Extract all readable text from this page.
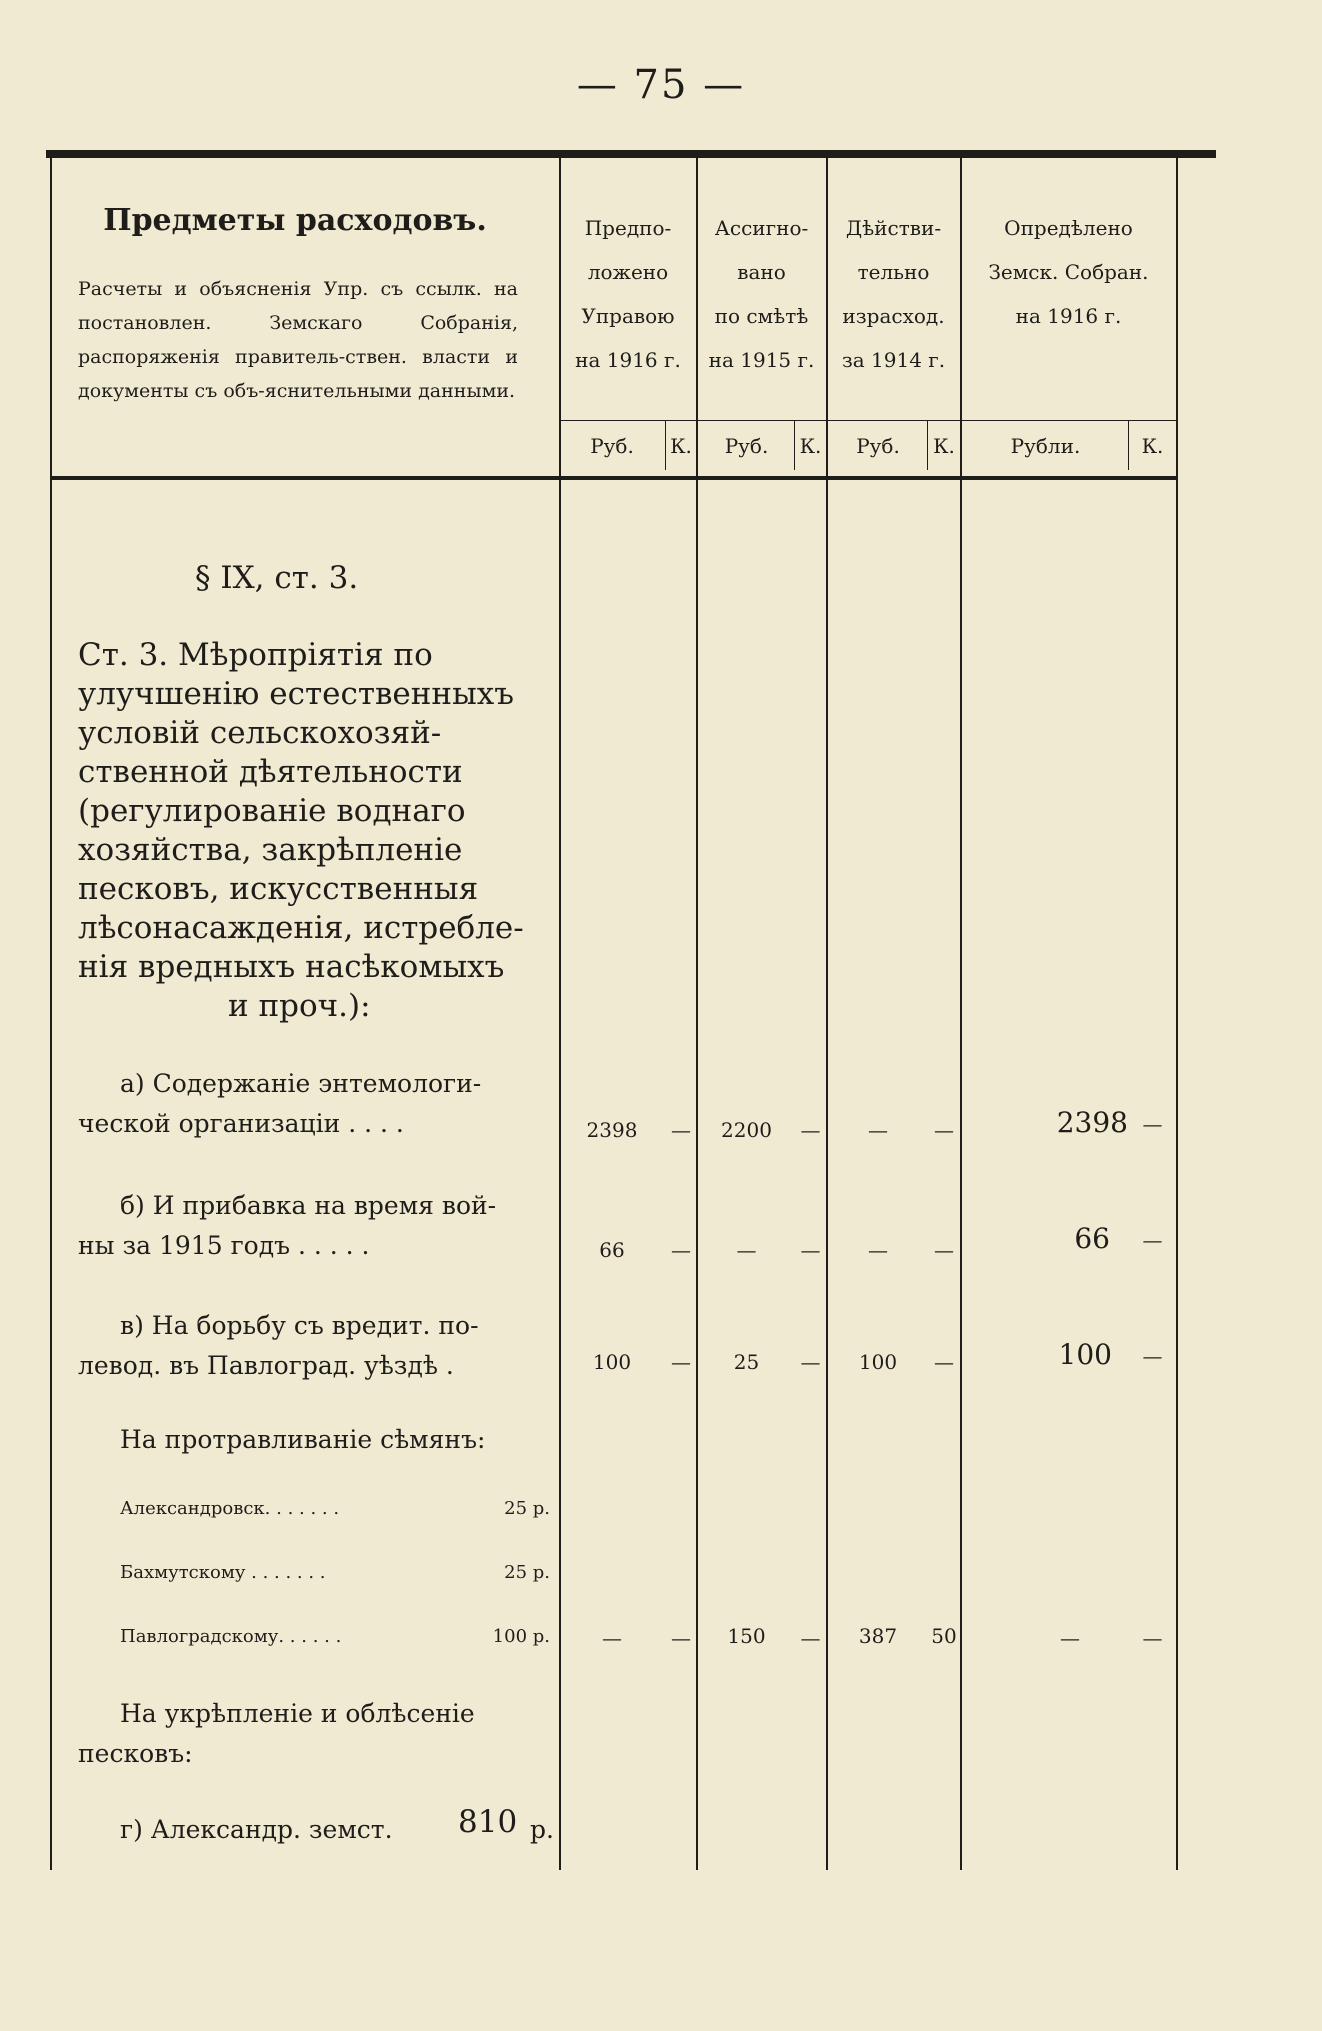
— 75 —
Предметы расходовъ.
Расчеты и объясненія Упр. съ ссылк. на постановлен. Земскаго Собранія, распоряженія правитель-ствен. власти и документы съ объ-яснительными данными.
Предпо-
ложено
Управою
на 1916 г.
Ассигно-
вано
по смѣтѣ
на 1915 г.
Дѣйстви-
тельно
израсход.
за 1914 г.
Опредѣлено
Земск. Собран.
на 1916 г.
Руб.	К.	Руб.	К.	Руб.	К.	Рубли.	К.
§ IX, ст. 3.
Ст. 3. Мѣропріятія по
улучшенію естественныхъ
условій сельскохозяй-
ственной дѣятельности
(регулированіе воднаго
хозяйства, закрѣпленіе
песковъ, искусственныя
лѣсонасажденія, истребле-
нія вредныхъ насѣкомыхъ
и проч.):
а) Содержаніе энтемологи-
ческой организаціи . . . .	2398	—	2200	—	—	—	2398 —
б) И прибавка на время вой-
ны за 1915 годъ . . . . .	66	—	—	—	—	—	66	—
в) На борьбу съ вредит. по-
левод. въ Павлоград. уѣздѣ .	100	—	25	—	100	—	100	—
На протравливаніе сѣмянъ:
Александровск. . . . . . .	25 р.
Бахмутскому . . . . . . .	25 р.
Павлоградскому. . . . . .	100 р.	—	—	150	—	387	50	—	—
На укрѣпленіе и облѣсеніе
песковъ:
г) Александр. земст. 810 р.
